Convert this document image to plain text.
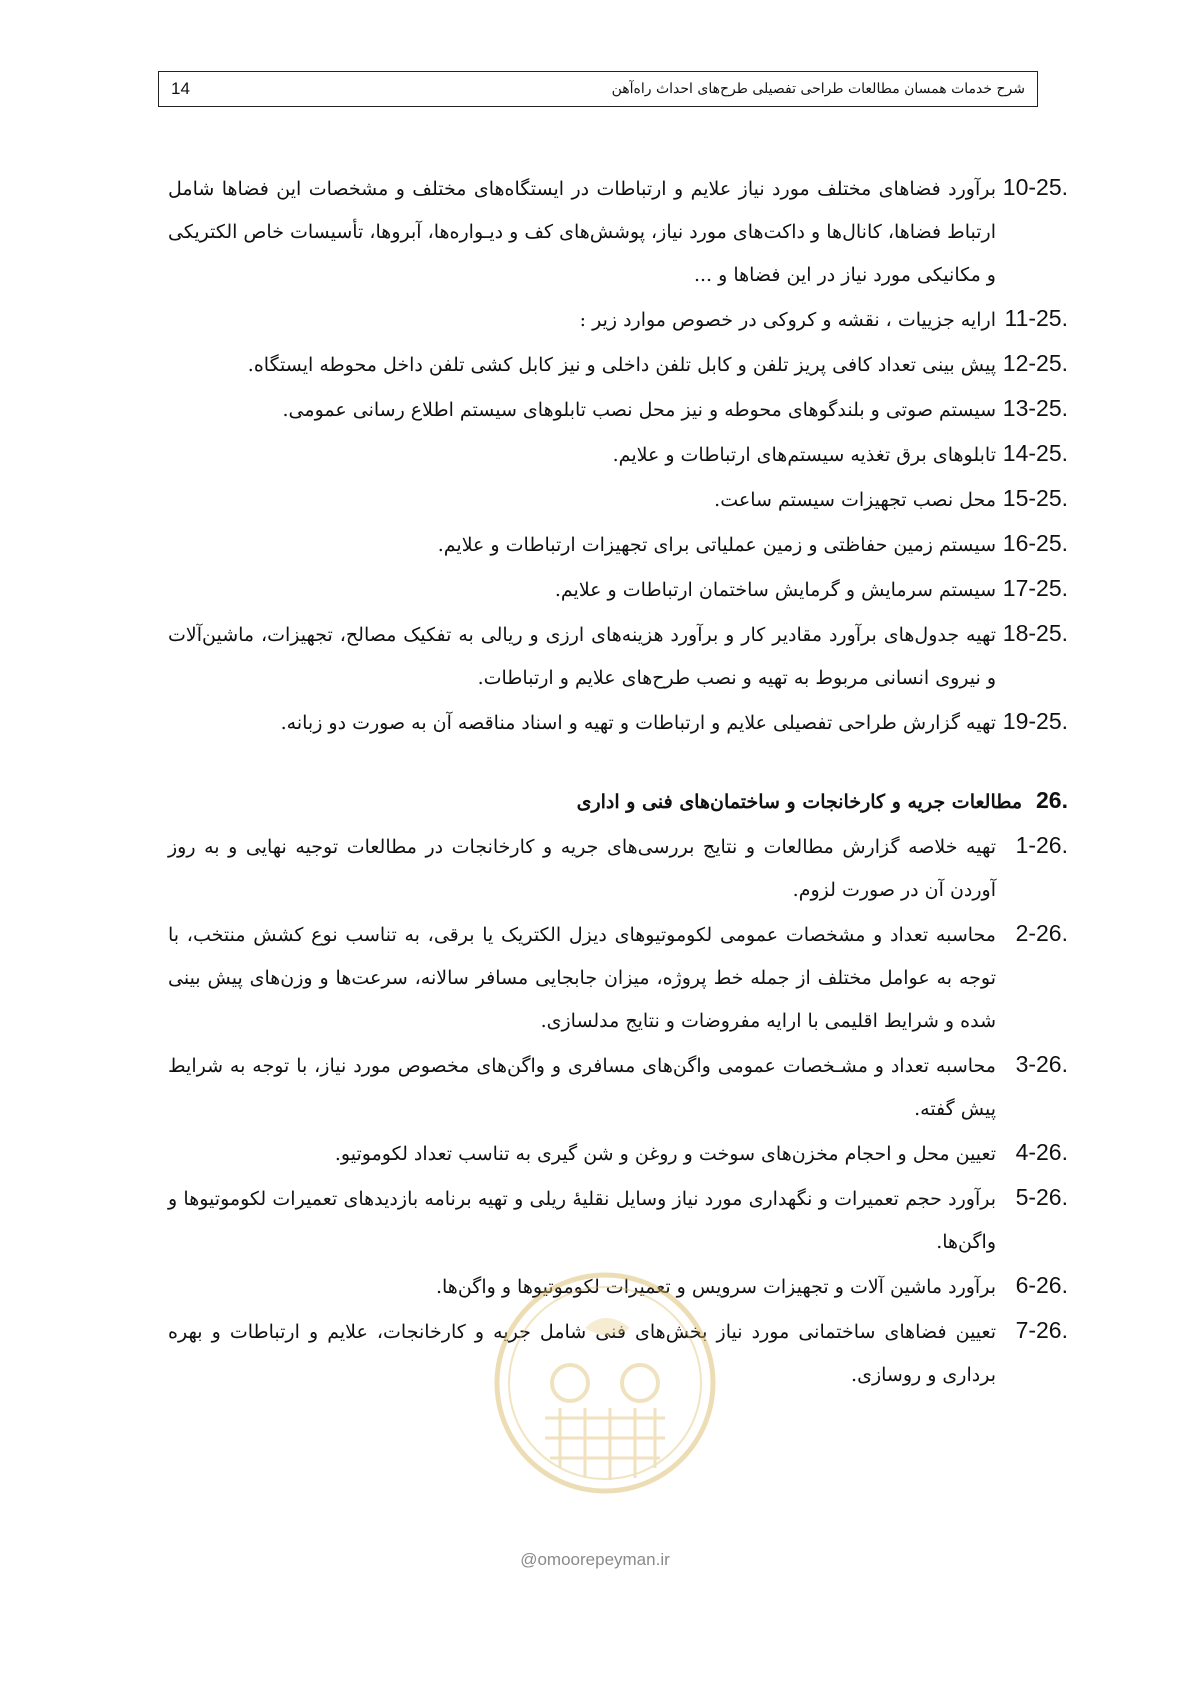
14	شرح خدمات همسان مطالعات طراحی تفصیلی طرح‌های احداث راه‌آهن
10-25.
برآورد فضاهای مختلف مورد نیاز علایم و ارتباطات در ایستگاه‌های مختلف و مشخصات این فضاها شامل ارتباط فضاها، کانال‌ها و داکت‌های مورد نیاز، پوشش‌های کف و دیـواره‌ها، آبروها، تأسیسات خاص الکتریکی و مکانیکی مورد نیاز در این فضاها و ...
11-25.
ارایه جزییات ، نقشه و کروکی در خصوص موارد زیر :
12-25.
پیش بینی تعداد کافی پریز تلفن و کابل تلفن داخلی و نیز کابل کشی تلفن داخل محوطه ایستگاه.
13-25.
سیستم صوتی و بلندگوهای محوطه و نیز محل نصب تابلوهای سیستم اطلاع رسانی عمومی.
14-25.
تابلوهای برق تغذیه سیستم‌های ارتباطات و علایم.
15-25.
محل نصب تجهیزات سیستم ساعت.
16-25.
سیستم زمین حفاظتی و زمین عملیاتی برای تجهیزات ارتباطات و علایم.
17-25.
سیستم سرمایش و گرمایش ساختمان ارتباطات و علایم.
18-25.
تهیه جدول‌های برآورد مقادیر کار و برآورد هزینه‌های ارزی و ریالی به تفکیک مصالح، تجهیزات، ماشین‌آلات و نیروی انسانی مربوط به تهیه و نصب طرح‌های علایم و ارتباطات.
19-25.
تهیه گزارش طراحی تفصیلی علایم و ارتباطات و تهیه و اسناد مناقصه آن به صورت دو زبانه.
26.
مطالعات جریه و کارخانجات و ساختمان‌های فنی و اداری
1-26.
تهیه خلاصه گزارش مطالعات و نتایج بررسی‌های جریه و کارخانجات در مطالعات توجیه نهایی و به روز آوردن آن در صورت لزوم.
2-26.
محاسبه تعداد و مشخصات عمومی لکوموتیوهای دیزل الکتریک یا برقی، به تناسب نوع کشش منتخب، با توجه به عوامل مختلف از جمله خط پروژه، میزان جابجایی مسافر سالانه، سرعت‌ها و وزن‌های پیش بینی شده و شرایط اقلیمی با ارایه مفروضات و نتایج مدلسازی.
3-26.
محاسبه تعداد و مشـخصات عمومی واگن‌های مسافری و واگن‌های مخصوص مورد نیاز، با توجه به شرایط پیش گفته.
4-26.
تعیین محل و احجام مخزن‌های سوخت و روغن و شن گیری به تناسب تعداد لکوموتیو.
5-26.
برآورد حجم تعمیرات و نگهداری مورد نیاز وسایل نقلیهٔ ریلی و تهیه برنامه بازدیدهای تعمیرات لکوموتیوها و واگن‌ها.
6-26.
برآورد ماشین آلات و تجهیزات سرویس و تعمیرات لکوموتیوها و واگن‌ها.
7-26.
تعیین فضاهای ساختمانی مورد نیاز بخش‌های فنی شامل جریه و کارخانجات، علایم و ارتباطات و بهره برداری و روسازی.
@omoorepeyman.ir
